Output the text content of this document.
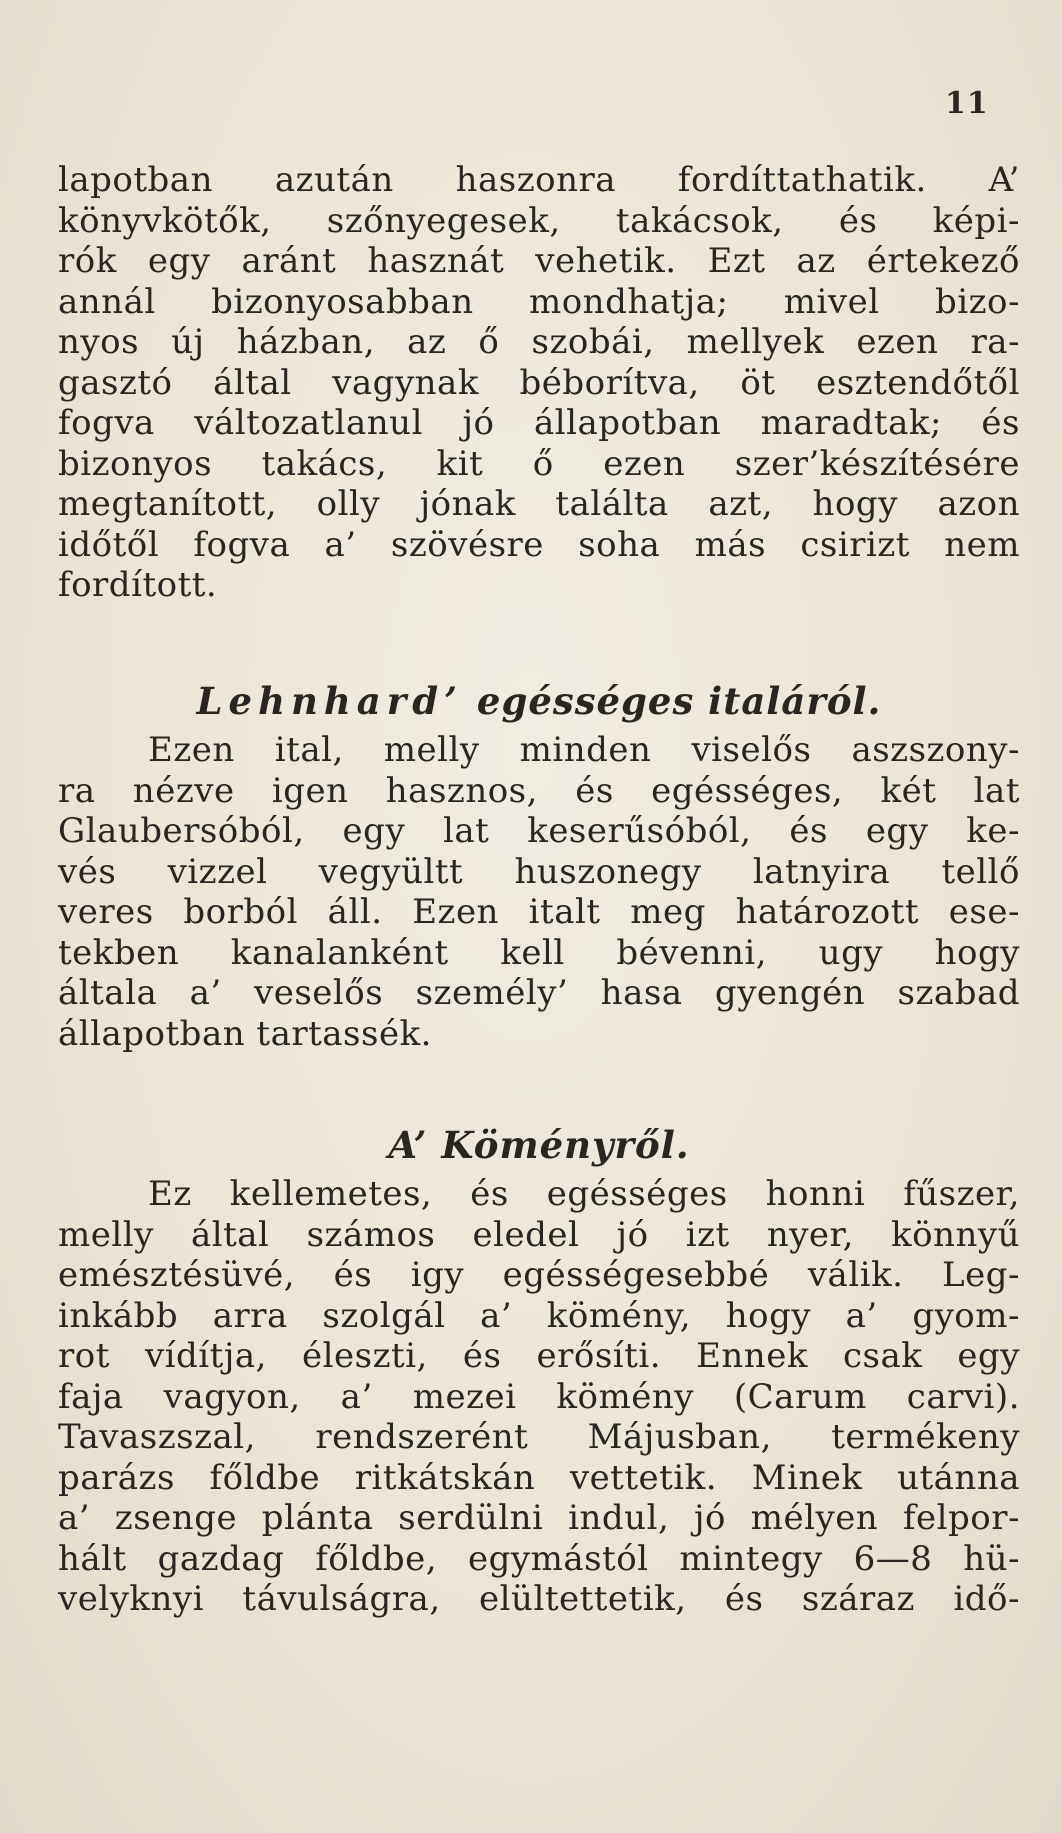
11
lapotban azután haszonra fordíttathatik. A’
könyvkötők, szőnyegesek, takácsok, és képi-
rók egy aránt hasznát vehetik. Ezt az értekező
annál bizonyosabban mondhatja; mivel bizo-
nyos új házban, az ő szobái, mellyek ezen ra-
gasztó által vagynak béborítva, öt esztendőtől
fogva változatlanul jó állapotban maradtak; és
bizonyos takács, kit ő ezen szer’készítésére
megtanított, olly jónak találta azt, hogy azon
időtől fogva a’ szövésre soha más csirizt nem
fordított.
Lehnhard’ egésséges italáról.
Ezen ital, melly minden viselős aszszony-
ra nézve igen hasznos, és egésséges, két lat
Glaubersóból, egy lat keserűsóból, és egy ke-
vés vizzel vegyültt huszonegy latnyira tellő
veres borból áll. Ezen italt meg határozott ese-
tekben kanalanként kell bévenni, ugy hogy
általa a’ veselős személy’ hasa gyengén szabad
állapotban tartassék.
A’ Köményről.
Ez kellemetes, és egésséges honni fűszer,
melly által számos eledel jó izt nyer, könnyű
emésztésüvé, és igy egésségesebbé válik. Leg-
inkább arra szolgál a’ kömény, hogy a’ gyom-
rot vídítja, éleszti, és erősíti. Ennek csak egy
faja vagyon, a’ mezei kömény (Carum carvi).
Tavaszszal, rendszerént Májusban, termékeny
parázs főldbe ritkátskán vettetik. Minek utánna
a’ zsenge plánta serdülni indul, jó mélyen felpor-
hált gazdag főldbe, egymástól mintegy 6—8 hü-
velyknyi távulságra, elültettetik, és száraz idő-
